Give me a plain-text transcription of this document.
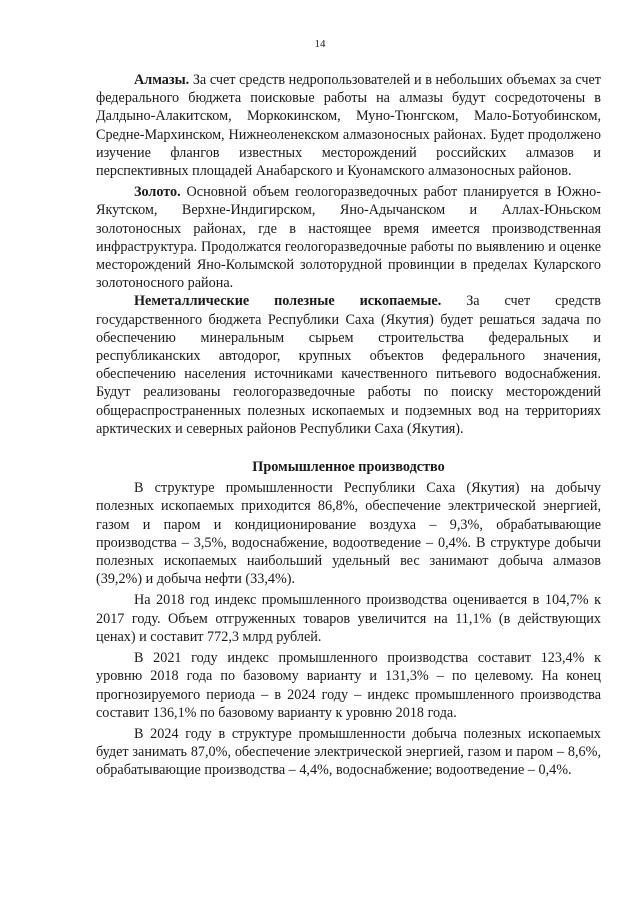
14

Алмазы. За счет средств недропользователей и в небольших объемах за счет федерального бюджета поисковые работы на алмазы будут сосредоточены в Далдыно-Алакитском, Моркокинском, Муно-Тюнгском, Мало-Ботуобинском, Средне-Мархинском, Нижнеоленекском алмазоносных районах. Будет продолжено изучение флангов известных месторождений российских алмазов и перспективных площадей Анабарского и Куонамского алмазоносных районов.

Золото. Основной объем геологоразведочных работ планируется в Южно-Якутском, Верхне-Индигирском, Яно-Адычанском и Аллах-Юньском золотоносных районах, где в настоящее время имеется производственная инфраструктура. Продолжатся геологоразведочные работы по выявлению и оценке месторождений Яно-Колымской золоторудной провинции в пределах Куларского золотоносного района.

Неметаллические полезные ископаемые. За счет средств государственного бюджета Республики Саха (Якутия) будет решаться задача по обеспечению минеральным сырьем строительства федеральных и республиканских автодорог, крупных объектов федерального значения, обеспечению населения источниками качественного питьевого водоснабжения. Будут реализованы геологоразведочные работы по поиску месторождений общераспространенных полезных ископаемых и подземных вод на территориях арктических и северных районов Республики Саха (Якутия).

Промышленное производство

В структуре промышленности Республики Саха (Якутия) на добычу полезных ископаемых приходится 86,8%, обеспечение электрической энергией, газом и паром и кондиционирование воздуха – 9,3%, обрабатывающие производства – 3,5%, водоснабжение, водоотведение – 0,4%. В структуре добычи полезных ископаемых наибольший удельный вес занимают добыча алмазов (39,2%) и добыча нефти (33,4%).

На 2018 год индекс промышленного производства оценивается в 104,7% к 2017 году. Объем отгруженных товаров увеличится на 11,1% (в действующих ценах) и составит 772,3 млрд рублей.

В 2021 году индекс промышленного производства составит 123,4% к уровню 2018 года по базовому варианту и 131,3% – по целевому. На конец прогнозируемого периода – в 2024 году – индекс промышленного производства составит 136,1% по базовому варианту к уровню 2018 года.

В 2024 году в структуре промышленности добыча полезных ископаемых будет занимать 87,0%, обеспечение электрической энергией, газом и паром – 8,6%, обрабатывающие производства – 4,4%, водоснабжение; водоотведение – 0,4%.
